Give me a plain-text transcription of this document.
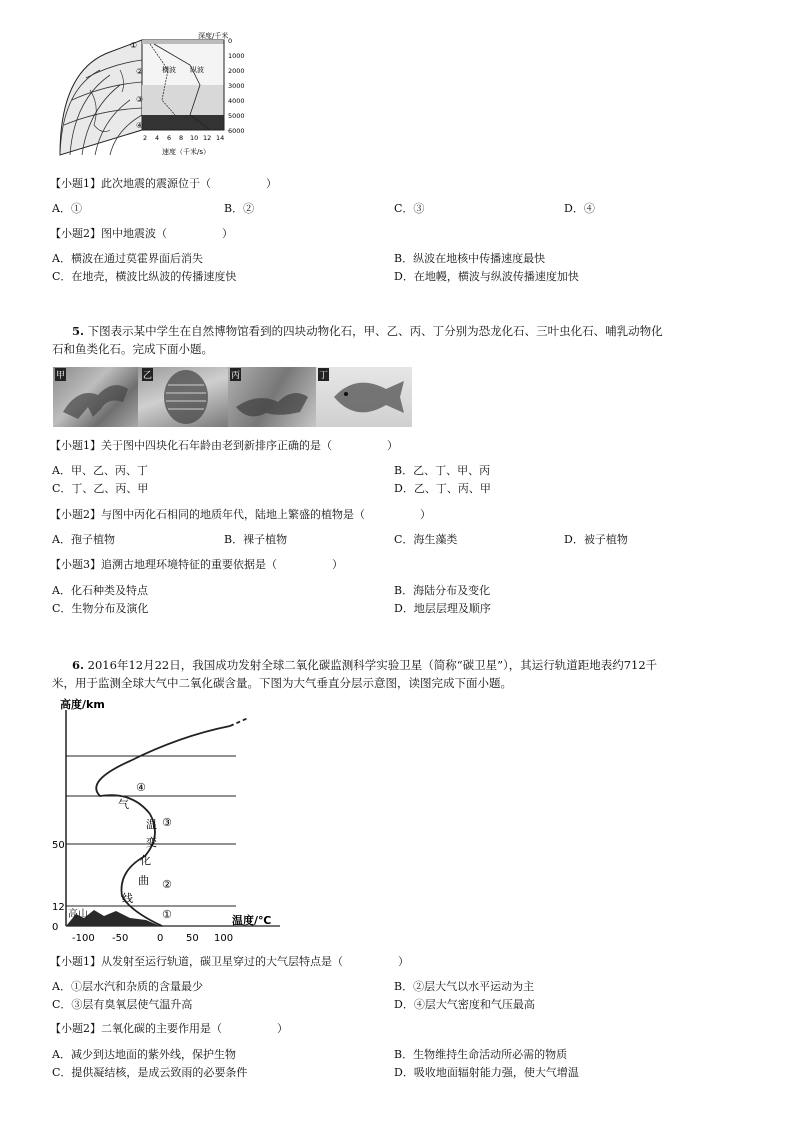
①
②
③
④
横波 纵波
深度/千米
0
1000
2000
3000
4000
5000
6000
2 4 6 8 10 12 14
速度（千米/s）
【小题1】此次地震的震源位于（　　　　　）
A．①	B．②	C．③	D．④
【小题2】图中地震波（　　　　　）
A．横波在通过莫霍界面后消失	B．纵波在地核中传播速度最快
C．在地壳，横波比纵波的传播速度快	D．在地幔，横波与纵波传播速度加快
5. 下图表示某中学生在自然博物馆看到的四块动物化石，甲、乙、丙、丁分别为恐龙化石、三叶虫化石、哺乳动物化
石和鱼类化石。完成下面小题。
甲	乙	丙	丁
【小题1】关于图中四块化石年龄由老到新排序正确的是（　　　　　）
A．甲、乙、丙、丁	B．乙、丁、甲、丙
C．丁、乙、丙、甲	D．乙、丁、丙、甲
【小题2】与图中丙化石相同的地质年代，陆地上繁盛的植物是（　　　　　）
A．孢子植物	B．裸子植物	C．海生藻类	D．被子植物
【小题3】追溯古地理环境特征的重要依据是（　　　　　）
A．化石种类及特点	B．海陆分布及变化
C．生物分布及演化	D．地层层理及顺序
6. 2016年12月22日，我国成功发射全球二氧化碳监测科学实验卫星（简称“碳卫星”），其运行轨道距地表约712千
米，用于监测全球大气中二氧化碳含量。下图为大气垂直分层示意图，读图完成下面小题。
高山
高度/km
温度/℃
0
12
50
-100 -50	0 50 100
④
③
②
①
气
温
变
化
曲
线
【小题1】从发射至运行轨道，碳卫星穿过的大气层特点是（　　　　　）
A．①层水汽和杂质的含量最少	B．②层大气以水平运动为主
C．③层有臭氧层使气温升高	D．④层大气密度和气压最高
【小题2】二氧化碳的主要作用是（　　　　　）
A．减少到达地面的紫外线，保护生物	B．生物维持生命活动所必需的物质
C．提供凝结核，是成云致雨的必要条件	D．吸收地面辐射能力强，使大气增温
